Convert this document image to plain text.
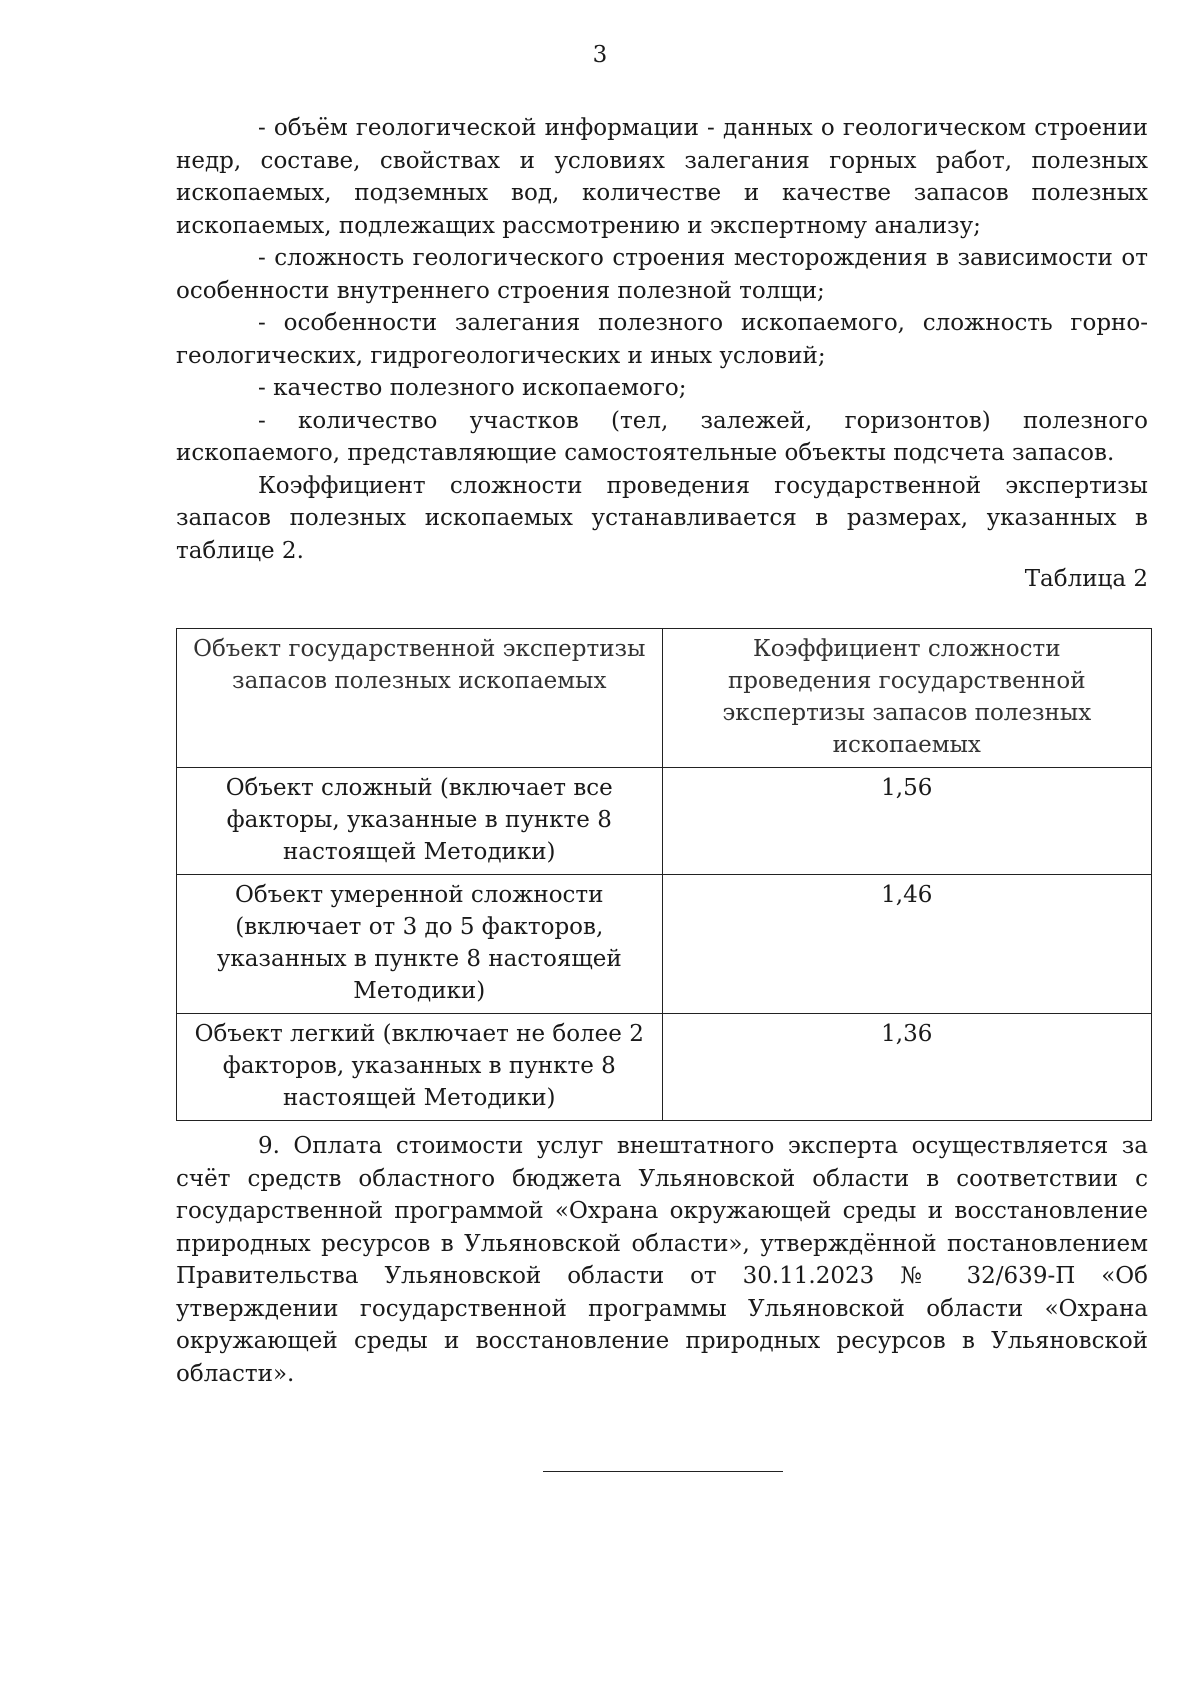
3

- объём геологической информации - данных о геологическом строении недр, составе, свойствах и условиях залегания горных работ, полезных ископаемых, подземных вод, количестве и качестве запасов полезных ископаемых, подлежащих рассмотрению и экспертному анализу;

- сложность геологического строения месторождения в зависимости от особенности внутреннего строения полезной толщи;

- особенности залегания полезного ископаемого, сложность горно-геологических, гидрогеологических и иных условий;

- качество полезного ископаемого;

- количество участков (тел, залежей, горизонтов) полезного ископаемого, представляющие самостоятельные объекты подсчета запасов.

Коэффициент сложности проведения государственной экспертизы запасов полезных ископаемых устанавливается в размерах, указанных в таблице 2.

Таблица 2
Объект государственной экспертизы запасов полезных ископаемых	Коэффициент сложности проведения государственной экспертизы запасов полезных ископаемых
Объект сложный (включает все факторы, указанные в пункте 8 настоящей Методики)	1,56
Объект умеренной сложности (включает от 3 до 5 факторов, указанных в пункте 8 настоящей Методики)	1,46
Объект легкий (включает не более 2 факторов, указанных в пункте 8 настоящей Методики)	1,36

9. Оплата стоимости услуг внештатного эксперта осуществляется за счёт средств областного бюджета Ульяновской области в соответствии с государственной программой «Охрана окружающей среды и восстановление природных ресурсов в Ульяновской области», утверждённой постановлением Правительства Ульяновской области от 30.11.2023 № 32/639-П «Об утверждении государственной программы Ульяновской области «Охрана окружающей среды и восстановление природных ресурсов в Ульяновской области».
